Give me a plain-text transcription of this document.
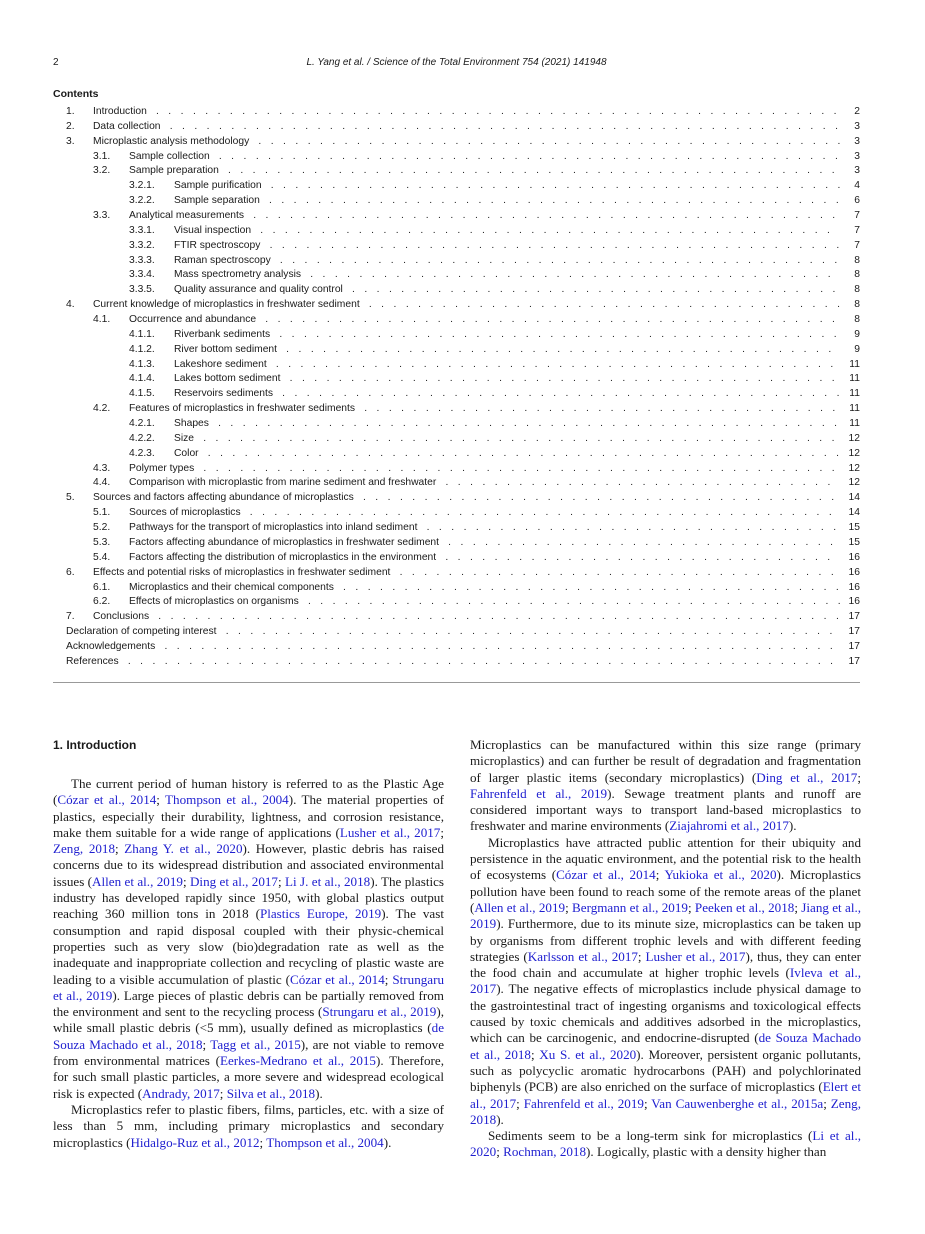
2	L. Yang et al. / Science of the Total Environment 754 (2021) 141948
Contents
1. Introduction . . .	2
2. Data collection . . .	3
3. Microplastic analysis methodology . . .	3
3.1. Sample collection . . .	3
3.2. Sample preparation . . .	3
3.2.1. Sample purification . . .	4
3.2.2. Sample separation . . .	6
3.3. Analytical measurements . . .	7
3.3.1. Visual inspection . . .	7
3.3.2. FTIR spectroscopy . . .	7
3.3.3. Raman spectroscopy . . .	8
3.3.4. Mass spectrometry analysis . . .	8
3.3.5. Quality assurance and quality control . . .	8
4. Current knowledge of microplastics in freshwater sediment . . .	8
4.1. Occurrence and abundance . . .	8
4.1.1. Riverbank sediments . . .	9
4.1.2. River bottom sediment . . .	9
4.1.3. Lakeshore sediment . . .	11
4.1.4. Lakes bottom sediment . . .	11
4.1.5. Reservoirs sediments . . .	11
4.2. Features of microplastics in freshwater sediments . . .	11
4.2.1. Shapes . . .	11
4.2.2. Size . . .	12
4.2.3. Color . . .	12
4.3. Polymer types . . .	12
4.4. Comparison with microplastic from marine sediment and freshwater . . .	12
5. Sources and factors affecting abundance of microplastics . . .	14
5.1. Sources of microplastics . . .	14
5.2. Pathways for the transport of microplastics into inland sediment . . .	15
5.3. Factors affecting abundance of microplastics in freshwater sediment . . .	15
5.4. Factors affecting the distribution of microplastics in the environment . . .	16
6. Effects and potential risks of microplastics in freshwater sediment . . .	16
6.1. Microplastics and their chemical components . . .	16
6.2. Effects of microplastics on organisms . . .	16
7. Conclusions . . .	17
Declaration of competing interest . . .	17
Acknowledgements . . .	17
References . . .	17
1. Introduction

The current period of human history is referred to as the Plastic Age (Cózar et al., 2014; Thompson et al., 2004). The material properties of plastics, especially their durability, lightness, and corrosion resistance, make them suitable for a wide range of applications (Lusher et al., 2017; Zeng, 2018; Zhang Y. et al., 2020). However, plastic debris has raised concerns due to its widespread distribution and associated environmental issues (Allen et al., 2019; Ding et al., 2017; Li J. et al., 2018). The plastics industry has developed rapidly since 1950, with global plastics output reaching 360 million tons in 2018 (Plastics Europe, 2019). The vast consumption and rapid disposal coupled with their physic-chemical properties such as very slow (bio)degradation rate as well as the inadequate and inappropriate collection and recycling of plastic waste are leading to a visible accumulation of plastic (Cózar et al., 2014; Strungaru et al., 2019). Large pieces of plastic debris can be partially removed from the environment and sent to the recycling process (Strungaru et al., 2019), while small plastic debris (<5 mm), usually defined as microplastics (de Souza Machado et al., 2018; Tagg et al., 2015), are not viable to remove from environmental matrices (Eerkes-Medrano et al., 2015). Therefore, for such small plastic particles, a more severe and widespread ecological risk is expected (Andrady, 2017; Silva et al., 2018).

Microplastics refer to plastic fibers, films, particles, etc. with a size of less than 5 mm, including primary microplastics and secondary microplastics (Hidalgo-Ruz et al., 2012; Thompson et al., 2004).

Microplastics can be manufactured within this size range (primary microplastics) and can further be result of degradation and fragmentation of larger plastic items (secondary microplastics) (Ding et al., 2017; Fahrenfeld et al., 2019). Sewage treatment plants and runoff are considered important ways to transport land-based microplastics to freshwater and marine environments (Ziajahromi et al., 2017).

Microplastics have attracted public attention for their ubiquity and persistence in the aquatic environment, and the potential risk to the health of ecosystems (Cózar et al., 2014; Yukioka et al., 2020). Microplastics pollution have been found to reach some of the remote areas of the planet (Allen et al., 2019; Bergmann et al., 2019; Peeken et al., 2018; Jiang et al., 2019). Furthermore, due to its minute size, microplastics can be taken up by organisms from different trophic levels and with different feeding strategies (Karlsson et al., 2017; Lusher et al., 2017), thus, they can enter the food chain and accumulate at higher trophic levels (Ivleva et al., 2017). The negative effects of microplastics include physical damage to the gastrointestinal tract of ingesting organisms and toxicological effects caused by toxic chemicals and additives adsorbed in the microplastics, which can be carcinogenic, and endocrine-disrupted (de Souza Machado et al., 2018; Xu S. et al., 2020). Moreover, persistent organic pollutants, such as polycyclic aromatic hydrocarbons (PAH) and polychlorinated biphenyls (PCB) are also enriched on the surface of microplastics (Elert et al., 2017; Fahrenfeld et al., 2019; Van Cauwenberghe et al., 2015a; Zeng, 2018).

Sediments seem to be a long-term sink for microplastics (Li et al., 2020; Rochman, 2018). Logically, plastic with a density higher than
